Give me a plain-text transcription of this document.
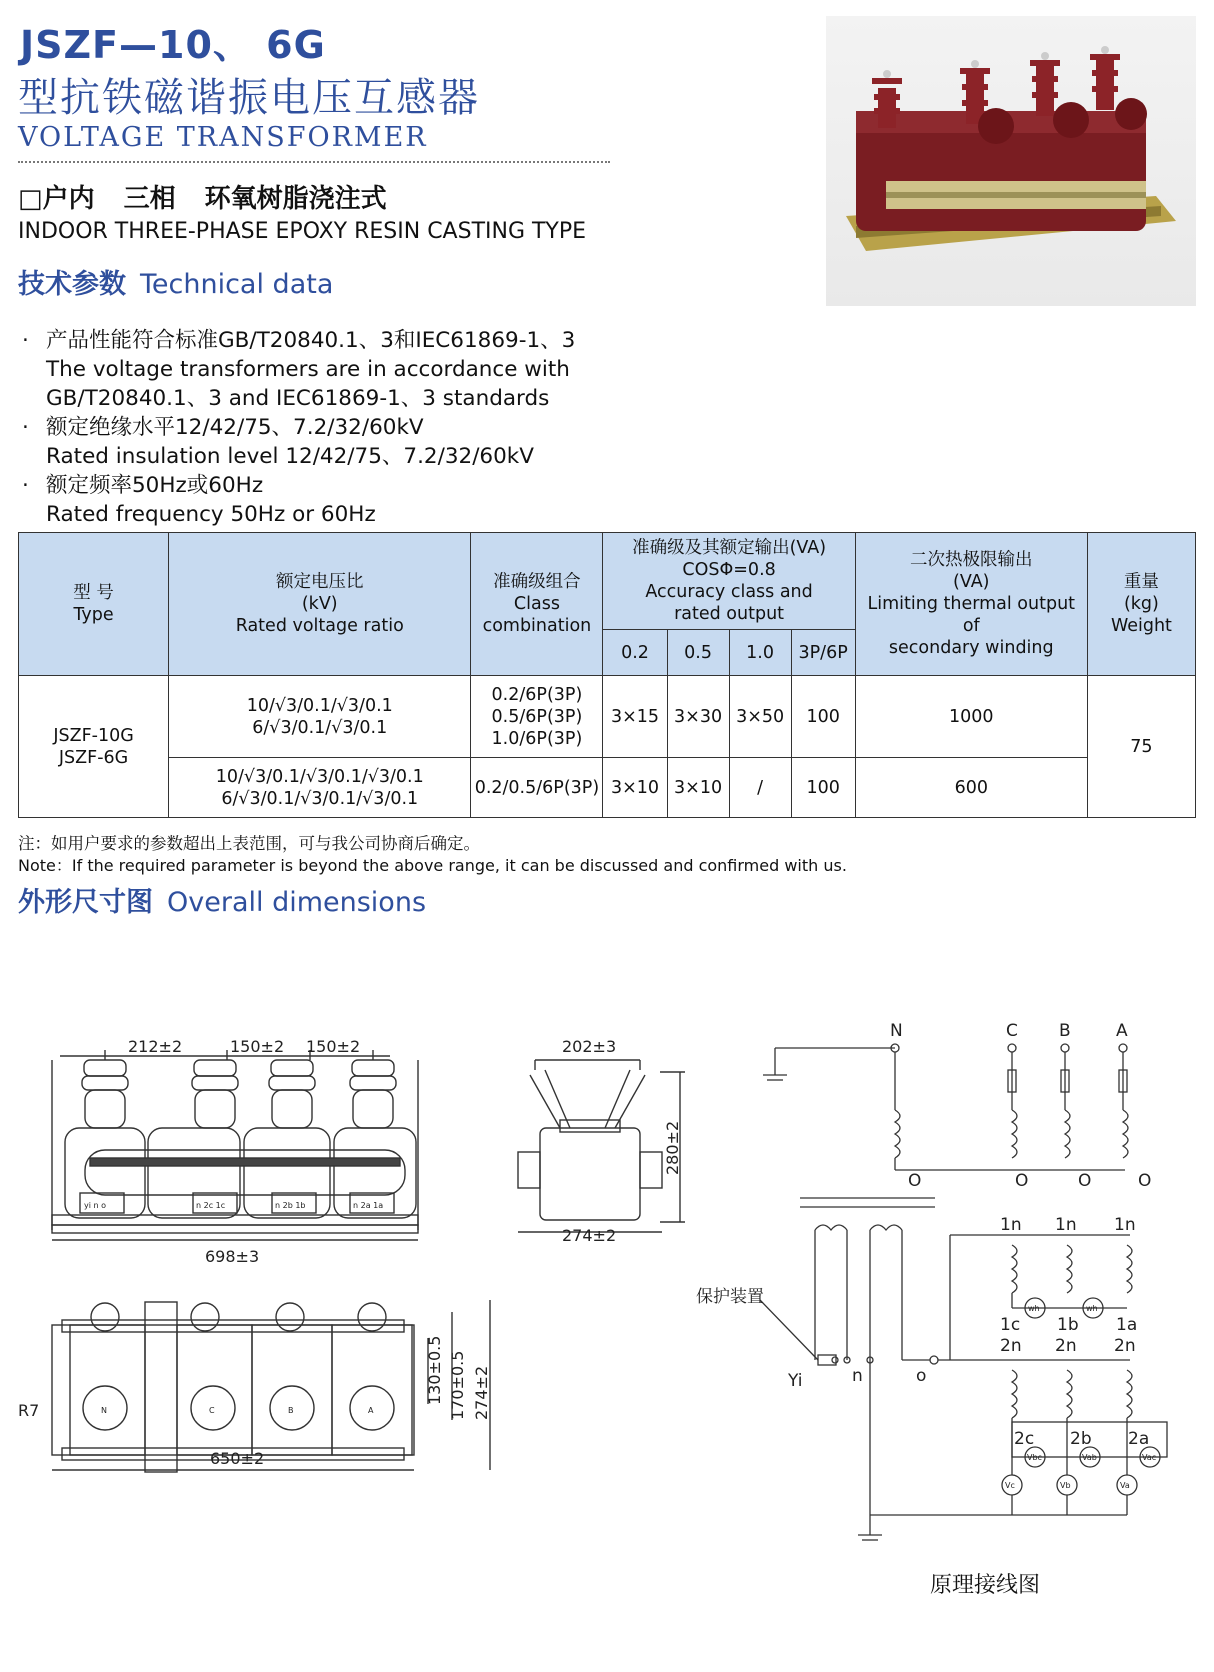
JSZF—10、 6G
型抗铁磁谐振电压互感器
VOLTAGE TRANSFORMER
□户内 三相 环氧树脂浇注式
INDOOR THREE-PHASE EPOXY RESIN CASTING TYPE
技术参数 Technical data
· 产品性能符合标准GB/T20840.1、3和IEC61869-1、3
The voltage transformers are in accordance with
GB/T20840.1、3 and IEC61869-1、3 standards
· 额定绝缘水平12/42/75、7.2/32/60kV
Rated insulation level 12/42/75、7.2/32/60kV
· 额定频率50Hz或60Hz
Rated frequency 50Hz or 60Hz
型 号
Type	额定电压比
(kV)
Rated voltage ratio	准确级组合
Class
combination	准确级及其额定输出(VA)
COSΦ=0.8
Accuracy class and
rated output				二次热极限输出
(VA)
Limiting thermal output of
secondary winding	重量
(kg)
Weight
			0.2	0.5	1.0	3P/6P		
JSZF-10G
JSZF-6G	10/√3/0.1/√3/0.1
6/√3/0.1/√3/0.1	0.2/6P(3P)
0.5/6P(3P)
1.0/6P(3P)	3×15	3×30	3×50	100	1000	75
	10/√3/0.1/√3/0.1/√3/0.1
6/√3/0.1/√3/0.1/√3/0.1	0.2/0.5/6P(3P)	3×10	3×10	/	100	600	
注：如用户要求的参数超出上表范围，可与我公司协商后确定。
Note：If the required parameter is beyond the above range, it can be discussed and confirmed with us.
外形尺寸图 Overall dimensions
212±2	150±2 150±2
698±3
yi n o	n 2c 1c	n 2b 1b	n 2a 1a
202±3
280±2
274±2
R7
650±2
130±0.5 170±0.5 274±2
N	C	B	A
N	C B	A
O	O	O	O
1n 1n 1n
1c 1b 1a
2n 2n 2n
2c 2b 2a
Yi	n	o
保护装置
wh	wh
Vbc	Vab	Vac
Vc	Vb	Va
原理接线图
